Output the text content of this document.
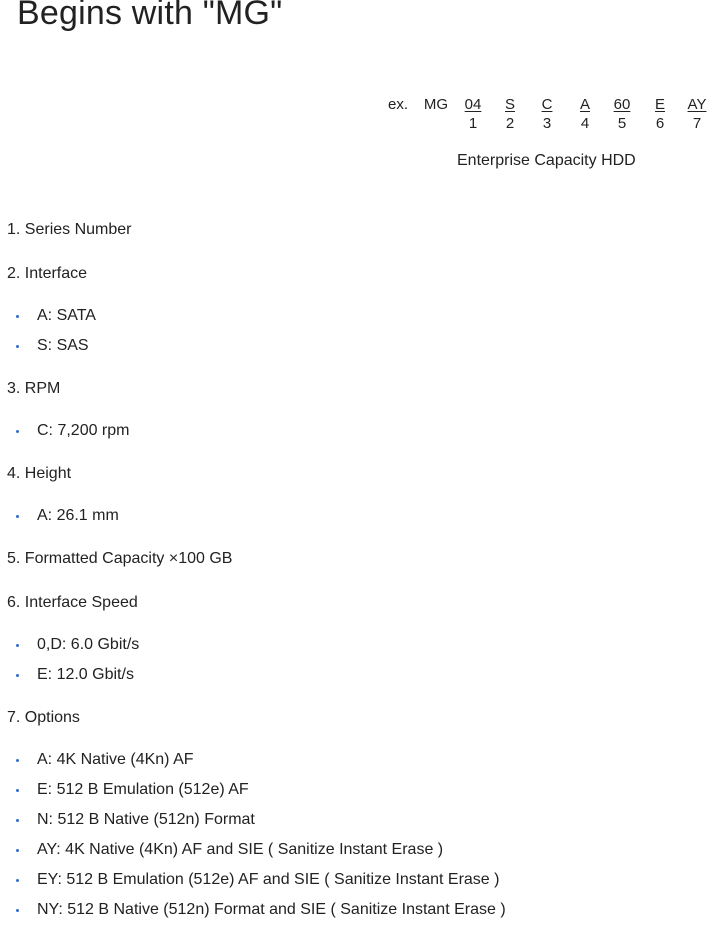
Begins with "MG"
ex. MG 04
1
S
2
C
3
A
4
60
5
E
6
AY
7
Enterprise Capacity HDD
1. Series Number
2. Interface
A: SATA
S: SAS
3. RPM
C: 7,200 rpm
4. Height
A: 26.1 mm
5. Formatted Capacity ×100 GB
6. Interface Speed
0,D: 6.0 Gbit/s
E: 12.0 Gbit/s
7. Options
A: 4K Native (4Kn) AF
E: 512 B Emulation (512e) AF
N: 512 B Native (512n) Format
AY: 4K Native (4Kn) AF and SIE ( Sanitize Instant Erase )
EY: 512 B Emulation (512e) AF and SIE ( Sanitize Instant Erase )
NY: 512 B Native (512n) Format and SIE ( Sanitize Instant Erase )
